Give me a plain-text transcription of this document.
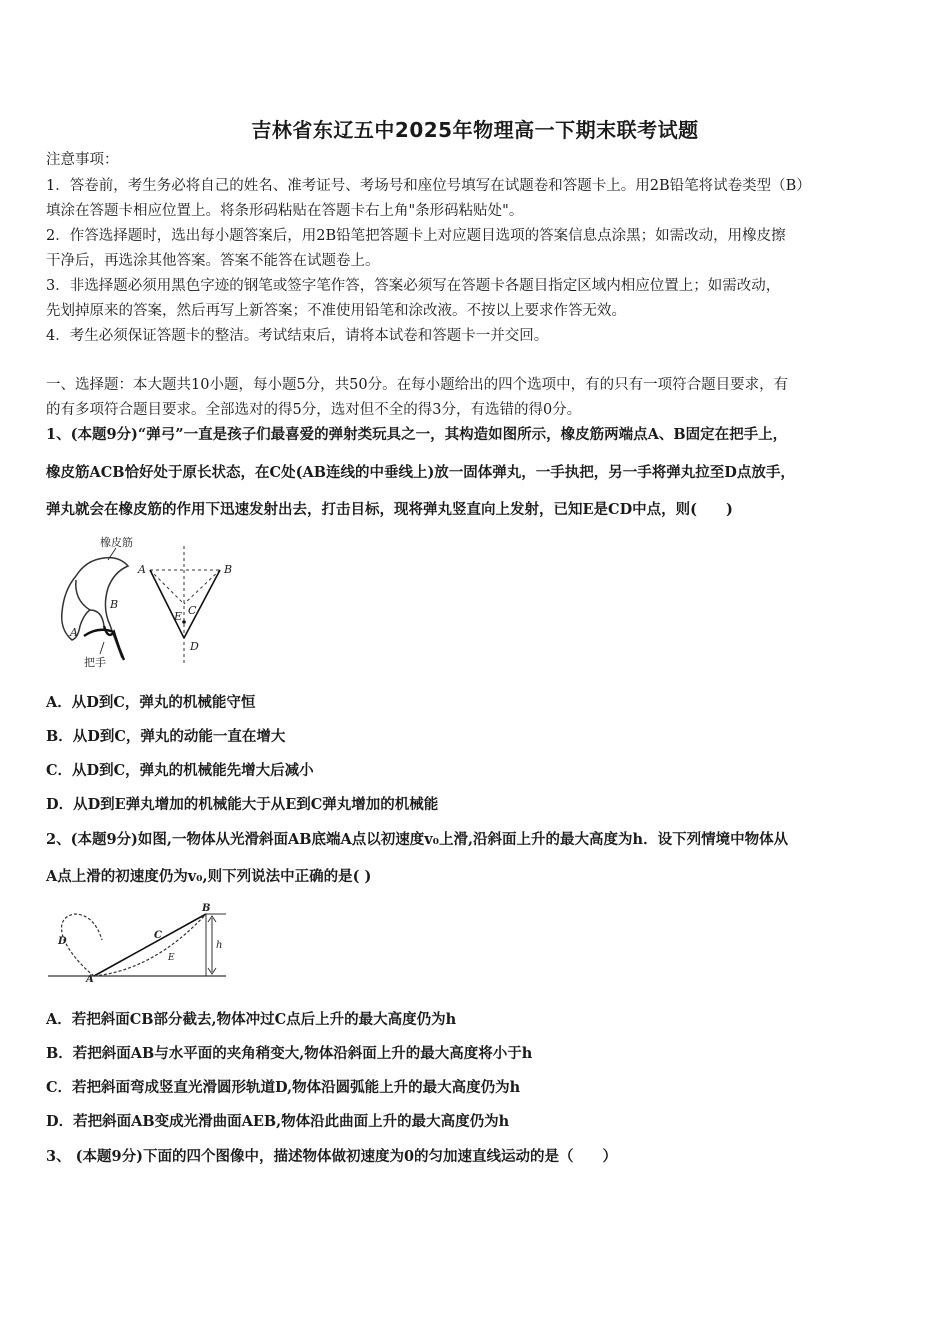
吉林省东辽五中2025年物理高一下期末联考试题
注意事项：
1．答卷前，考生务必将自己的姓名、准考证号、考场号和座位号填写在试题卷和答题卡上。用2B铅笔将试卷类型（B）
填涂在答题卡相应位置上。将条形码粘贴在答题卡右上角"条形码粘贴处"。
2．作答选择题时，选出每小题答案后，用2B铅笔把答题卡上对应题目选项的答案信息点涂黑；如需改动，用橡皮擦
干净后，再选涂其他答案。答案不能答在试题卷上。
3．非选择题必须用黑色字迹的钢笔或签字笔作答，答案必须写在答题卡各题目指定区域内相应位置上；如需改动，
先划掉原来的答案，然后再写上新答案；不准使用铅笔和涂改液。不按以上要求作答无效。
4．考生必须保证答题卡的整洁。考试结束后，请将本试卷和答题卡一并交回。
一、选择题：本大题共10小题，每小题5分，共50分。在每小题给出的四个选项中，有的只有一项符合题目要求，有
的有多项符合题目要求。全部选对的得5分，选对但不全的得3分，有选错的得0分。
1、(本题9分)“弹弓”一直是孩子们最喜爱的弹射类玩具之一，其构造如图所示，橡皮筋两端点A、B固定在把手上，
橡皮筋ACB恰好处于原长状态，在C处(AB连线的中垂线上)放一固体弹丸，一手执把，另一手将弹丸拉至D点放手，
弹丸就会在橡皮筋的作用下迅速发射出去，打击目标，现将弹丸竖直向上发射，已知E是CD中点，则(　　)
橡皮筋
B
A
把手
A	B
C
E
D
A．从D到C，弹丸的机械能守恒
B．从D到C，弹丸的动能一直在增大
C．从D到C，弹丸的机械能先增大后减小
D．从D到E弹丸增加的机械能大于从E到C弹丸增加的机械能
2、(本题9分)如图,一物体从光滑斜面AB底端A点以初速度v₀上滑,沿斜面上升的最大高度为h．设下列情境中物体从
A点上滑的初速度仍为v₀,则下列说法中正确的是( )
A
B
C
D
E
h
A．若把斜面CB部分截去,物体冲过C点后上升的最大高度仍为h
B．若把斜面AB与水平面的夹角稍变大,物体沿斜面上升的最大高度将小于h
C．若把斜面弯成竖直光滑圆形轨道D,物体沿圆弧能上升的最大高度仍为h
D．若把斜面AB变成光滑曲面AEB,物体沿此曲面上升的最大高度仍为h
3、 (本题9分)下面的四个图像中，描述物体做初速度为0的匀加速直线运动的是（　　）
